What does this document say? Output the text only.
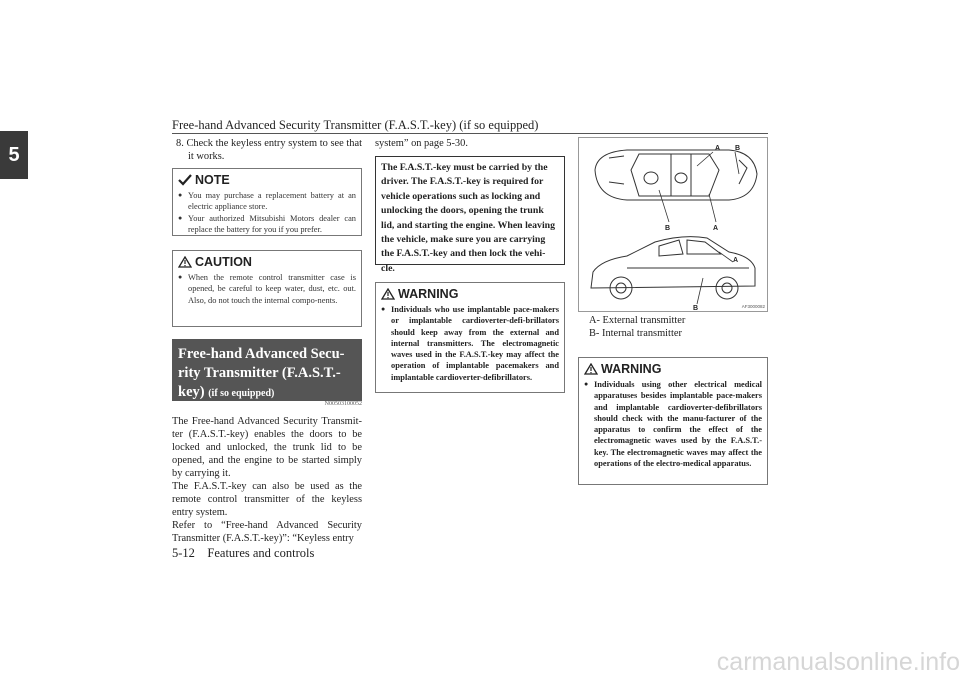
Free-hand Advanced Security Transmitter (F.A.S.T.-key) (if so equipped)
5	8. Check the keyless entry system to see that it works.
NOTE
● You may purchase a replacement battery at an electric appliance store.
● Your authorized Mitsubishi Motors dealer can replace the battery for you if you prefer.
CAUTION
● When the remote control transmitter case is opened, be careful to keep water, dust, etc. out. Also, do not touch the internal compo-nents.
Free-hand Advanced Secu-rity Transmitter (F.A.S.T.-key) (if so equipped)
N00503100052
The Free-hand Advanced Security Transmit-ter (F.A.S.T.-key) enables the doors to be locked and unlocked, the trunk lid to be opened, and the engine to be started simply by carrying it.
The F.A.S.T.-key can also be used as the remote control transmitter of the keyless entry system.
Refer to “Free-hand Advanced Security Transmitter (F.A.S.T.-key)”: “Keyless entry
system” on page 5-30.
The F.A.S.T.-key must be carried by the driver. The F.A.S.T.-key is required for vehicle operations such as locking and unlocking the doors, opening the trunk lid, and starting the engine. When leaving the vehicle, make sure you are carrying the F.A.S.T.-key and then lock the vehi-cle.
WARNING
● Individuals who use implantable pace-makers or implantable cardioverter-defi-brillators should keep away from the external and internal transmitters. The electromagnetic waves used in the F.A.S.T.-key may affect the operation of implantable pacemakers and implantable cardioverter-defibrillators.
A B
B	A
A
B	AF3000082
A- External transmitter
B- Internal transmitter
WARNING
● Individuals using other electrical medical apparatuses besides implantable pace-makers and implantable cardioverter-defibrillators should check with the manu-facturer of the apparatus to confirm the effect of the electromagnetic waves used by the F.A.S.T.-key. The electromagnetic waves may affect the operations of the electro-medical apparatus.
5-12    Features and controls
carmanualsonline.info
